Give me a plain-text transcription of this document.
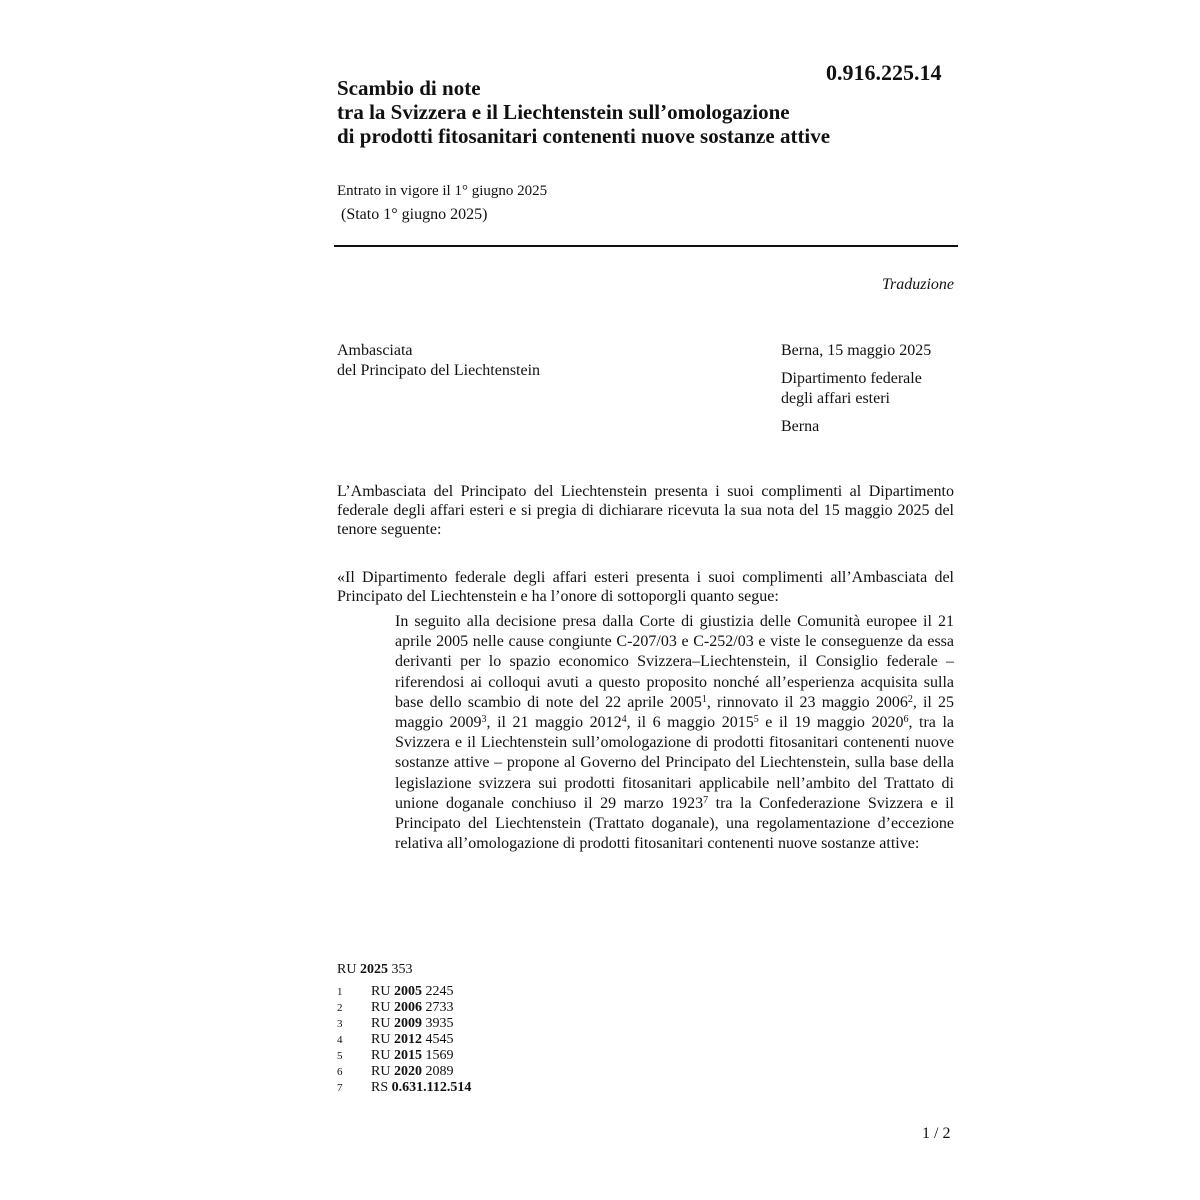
0.916.225.14
Scambio di note
tra la Svizzera e il Liechtenstein sull’omologazione
di prodotti fitosanitari contenenti nuove sostanze attive
Entrato in vigore il 1° giugno 2025
(Stato 1° giugno 2025)
Traduzione
Ambasciata
del Principato del Liechtenstein
Berna, 15 maggio 2025
Dipartimento federale
degli affari esteri
Berna
L’Ambasciata del Principato del Liechtenstein presenta i suoi complimenti al Dipartimento federale degli affari esteri e si pregia di dichiarare ricevuta la sua nota del 15 maggio 2025 del tenore seguente:
«Il Dipartimento federale degli affari esteri presenta i suoi complimenti all’Ambasciata del Principato del Liechtenstein e ha l’onore di sottoporgli quanto segue:
In seguito alla decisione presa dalla Corte di giustizia delle Comunità europee il 21 aprile 2005 nelle cause congiunte C-207/03 e C-252/03 e viste le conseguenze da essa derivanti per lo spazio economico Svizzera–Liechtenstein, il Consiglio federale – riferendosi ai colloqui avuti a questo proposito nonché all’esperienza acquisita sulla base dello scambio di note del 22 aprile 2005$^1$, rinnovato il 23 maggio 2006$^2$, il 25 maggio 2009$^3$, il 21 maggio 2012$^4$, il 6 maggio 2015$^5$ e il 19 maggio 2020$^6$, tra la Svizzera e il Liechtenstein sull’omologazione di prodotti fitosanitari contenenti nuove sostanze attive – propone al Governo del Principato del Liechtenstein, sulla base della legislazione svizzera sui prodotti fitosanitari applicabile nell’ambito del Trattato di unione doganale conchiuso il 29 marzo 1923$^7$ tra la Confederazione Svizzera e il Principato del Liechtenstein (Trattato doganale), una regolamentazione d’eccezione relativa all’omologazione di prodotti fitosanitari contenenti nuove sostanze attive:
RU 2025 353
1	RU 2005 2245
2	RU 2006 2733
3	RU 2009 3935
4	RU 2012 4545
5	RU 2015 1569
6	RU 2020 2089
7	RS 0.631.112.514
1 / 2
